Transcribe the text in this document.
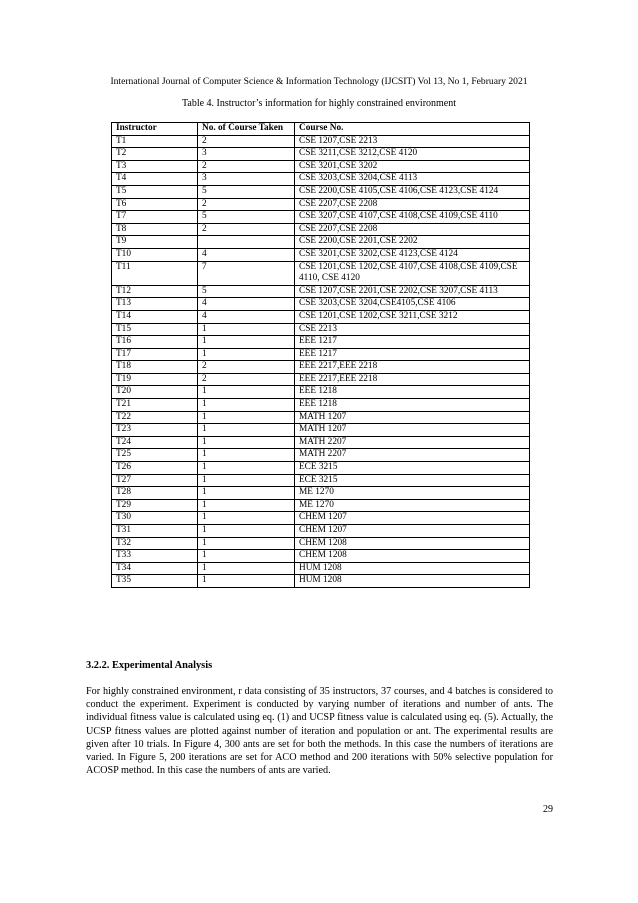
International Journal of Computer Science & Information Technology (IJCSIT) Vol 13, No 1, February 2021
Table 4. Instructor’s information for highly constrained environment
Instructor	No. of Course Taken	Course No.
T1	2	CSE 1207,CSE 2213
T2	3	CSE 3211,CSE 3212,CSE 4120
T3	2	CSE 3201,CSE 3202
T4	3	CSE 3203,CSE 3204,CSE 4113
T5	5	CSE 2200,CSE 4105,CSE 4106,CSE 4123,CSE 4124
T6	2	CSE 2207,CSE 2208
T7	5	CSE 3207,CSE 4107,CSE 4108,CSE 4109,CSE 4110
T8	2	CSE 2207,CSE 2208
T9		CSE 2200,CSE 2201,CSE 2202
T10	4	CSE 3201,CSE 3202,CSE 4123,CSE 4124
T11	7	CSE 1201,CSE 1202,CSE 4107,CSE 4108,CSE 4109,CSE 4110, CSE 4120
T12	5	CSE 1207,CSE 2201,CSE 2202,CSE 3207,CSE 4113
T13	4	CSE 3203,CSE 3204,CSE4105,CSE 4106
T14	4	CSE 1201,CSE 1202,CSE 3211,CSE 3212
T15	1	CSE 2213
T16	1	EEE 1217
T17	1	EEE 1217
T18	2	EEE 2217,EEE 2218
T19	2	EEE 2217,EEE 2218
T20	1	EEE 1218
T21	1	EEE 1218
T22	1	MATH 1207
T23	1	MATH 1207
T24	1	MATH 2207
T25	1	MATH 2207
T26	1	ECE 3215
T27	1	ECE 3215
T28	1	ME 1270
T29	1	ME 1270
T30	1	CHEM 1207
T31	1	CHEM 1207
T32	1	CHEM 1208
T33	1	CHEM 1208
T34	1	HUM 1208
T35	1	HUM 1208
3.2.2. Experimental Analysis

For highly constrained environment, r data consisting of 35 instructors, 37 courses, and 4 batches is considered to conduct the experiment. Experiment is conducted by varying number of iterations and number of ants. The individual fitness value is calculated using eq. (1) and UCSP fitness value is calculated using eq. (5). Actually, the UCSP fitness values are plotted against number of iteration and population or ant. The experimental results are given after 10 trials. In Figure 4, 300 ants are set for both the methods. In this case the numbers of iterations are varied. In Figure 5, 200 iterations are set for ACO method and 200 iterations with 50% selective population for ACOSP method. In this case the numbers of ants are varied.

29
